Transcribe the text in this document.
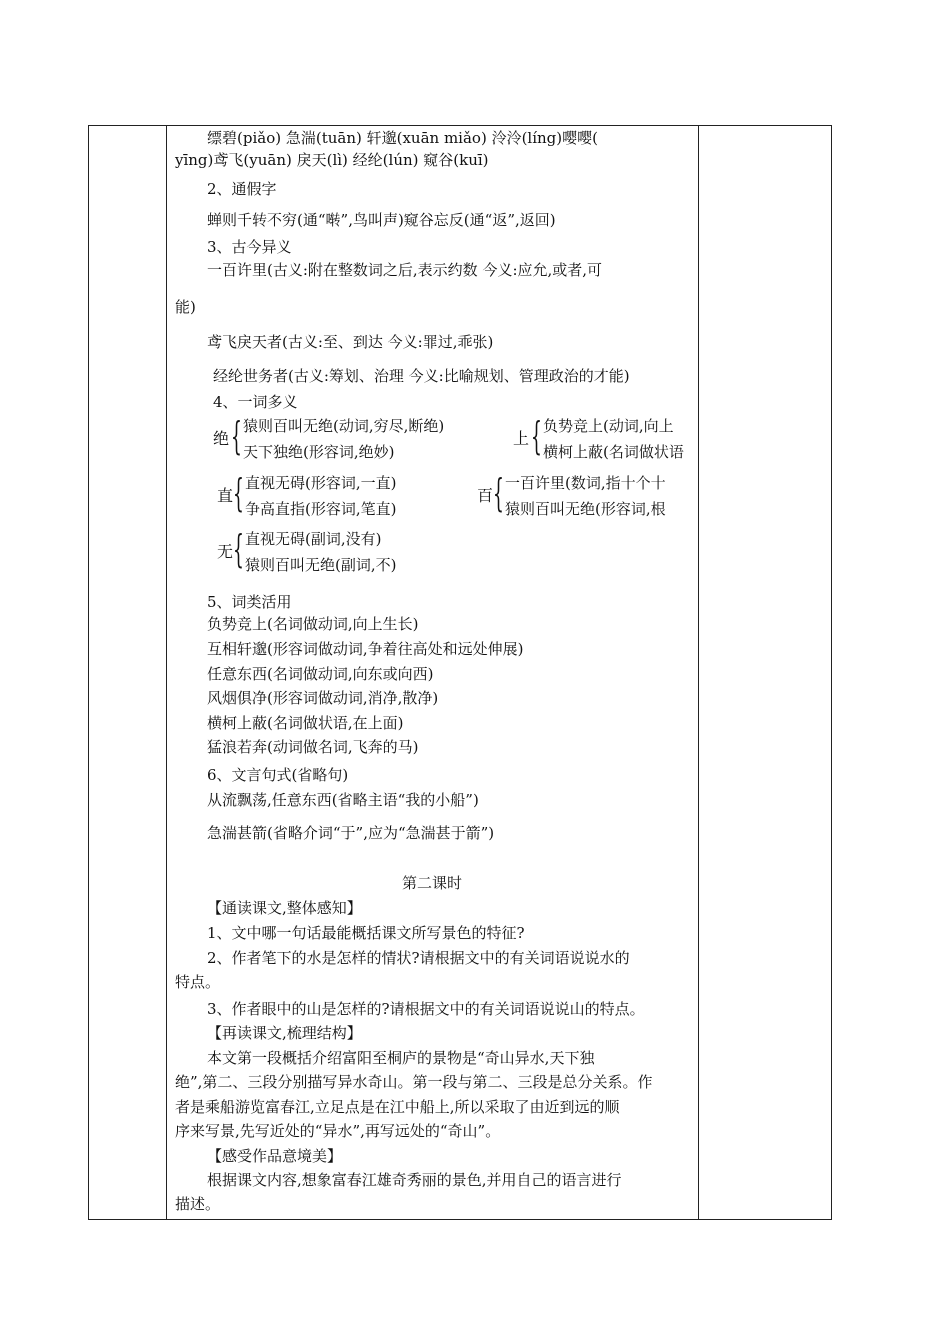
缥碧(piǎo) 急湍(tuān) 轩邈(xuān miǎo) 泠泠(líng)嘤嘤(
yīng)鸢飞(yuān) 戾天(lì) 经纶(lún) 窥谷(kuī)
2、通假字
蝉则千转不穷(通“啭”,鸟叫声)窥谷忘反(通“返”,返回)
3、古今异义
一百许里(古义:附在整数词之后,表示约数 今义:应允,或者,可
能)
鸢飞戾天者(古义:至、到达 今义:罪过,乖张)
经纶世务者(古义:筹划、治理 今义:比喻规划、管理政治的才能)
4、一词多义
绝 { 猿则百叫无绝(动词,穷尽,断绝)
天下独绝(形容词,绝妙)
上 { 负势竞上(动词,向上
横柯上蔽(名词做状语
直 { 直视无碍(形容词,一直)
争高直指(形容词,笔直)
百 { 一百许里(数词,指十个十
猿则百叫无绝(形容词,根
无 { 直视无碍(副词,没有)
猿则百叫无绝(副词,不)
5、词类活用
负势竞上(名词做动词,向上生长)
互相轩邈(形容词做动词,争着往高处和远处伸展)
任意东西(名词做动词,向东或向西)
风烟俱净(形容词做动词,消净,散净)
横柯上蔽(名词做状语,在上面)
猛浪若奔(动词做名词,飞奔的马)
6、文言句式(省略句)
从流飘荡,任意东西(省略主语“我的小船”)
急湍甚箭(省略介词“于”,应为“急湍甚于箭”)
第二课时
【通读课文,整体感知】
1、文中哪一句话最能概括课文所写景色的特征?
2、作者笔下的水是怎样的情状?请根据文中的有关词语说说水的
特点。
3、作者眼中的山是怎样的?请根据文中的有关词语说说山的特点。
【再读课文,梳理结构】
本文第一段概括介绍富阳至桐庐的景物是“奇山异水,天下独
绝”,第二、三段分别描写异水奇山。第一段与第二、三段是总分关系。作
者是乘船游览富春江,立足点是在江中船上,所以采取了由近到远的顺
序来写景,先写近处的“异水”,再写远处的“奇山”。
【感受作品意境美】
根据课文内容,想象富春江雄奇秀丽的景色,并用自己的语言进行
描述。
